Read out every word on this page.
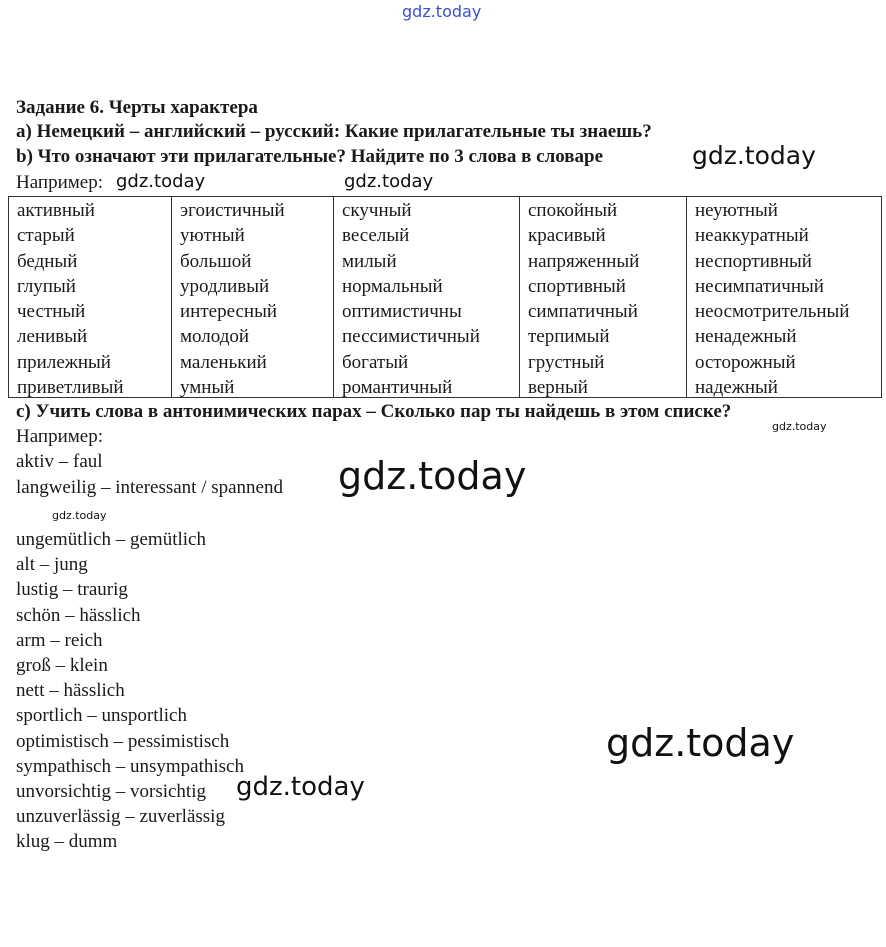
gdz.today
Задание 6. Черты характера
a) Немецкий – английский – русский: Какие прилагательные ты знаешь?
b) Что означают эти прилагательные? Найдите по 3 слова в словаре
Например:
активный
старый
бедный
глупый
честный
ленивый
прилежный
приветливый
эгоистичный
уютный
большой
уродливый
интересный
молодой
маленький
умный
скучный
веселый
милый
нормальный
оптимистичны
пессимистичный
богатый
романтичный
спокойный
красивый
напряженный
спортивный
симпатичный
терпимый
грустный
верный
неуютный
неаккуратный
неспортивный
несимпатичный
неосмотрительный
ненадежный
осторожный
надежный
c) Учить слова в антонимических парах – Сколько пар ты найдешь в этом списке?
Например:
aktiv – faul
langweilig – interessant / spannend
ungemütlich – gemütlich
alt – jung
lustig – traurig
schön – hässlich
arm – reich
groß – klein
nett – hässlich
sportlich – unsportlich
optimistisch – pessimistisch
sympathisch – unsympathisch
unvorsichtig – vorsichtig
unzuverlässig – zuverlässig
klug – dumm
gdz.today
gdz.today	gdz.today
gdz.today
gdz.today
gdz.today
gdz.today
gdz.today
